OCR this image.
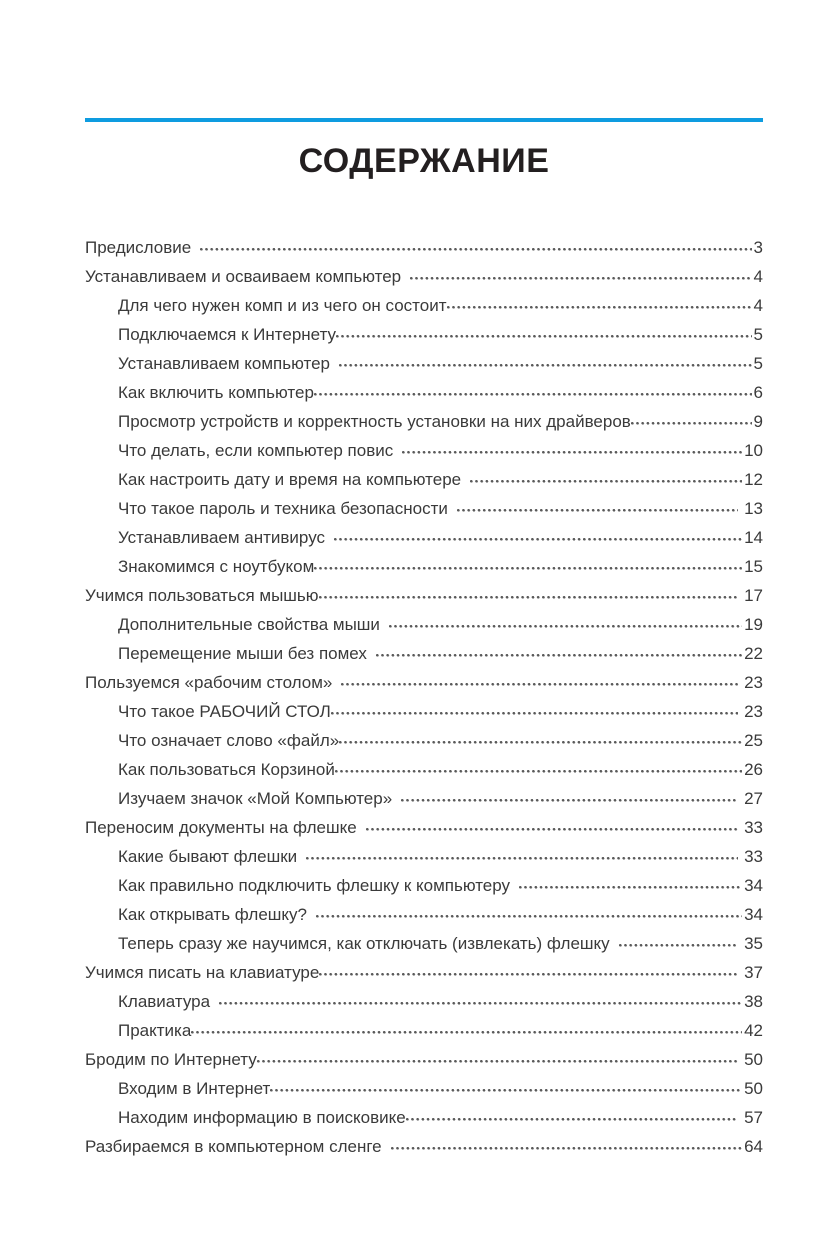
СОДЕРЖАНИЕ
Предисловие	3
Устанавливаем и осваиваем компьютер	4
Для чего нужен комп и из чего он состоит	4
Подключаемся к Интернету	5
Устанавливаем компьютер	5
Как включить компьютер	6
Просмотр устройств и корректность установки на них драйверов	9
Что делать, если компьютер повис	10
Как настроить дату и время на компьютере	12
Что такое пароль и техника безопасности	13
Устанавливаем антивирус	14
Знакомимся с ноутбуком	15
Учимся пользоваться мышью	17
Дополнительные свойства мыши	19
Перемещение мыши без помех	22
Пользуемся «рабочим столом»	23
Что такое РАБОЧИЙ СТОЛ	23
Что означает слово «файл»	25
Как пользоваться Корзиной	26
Изучаем значок «Мой Компьютер»	27
Переносим документы на флешке	33
Какие бывают флешки	33
Как правильно подключить флешку к компьютеру	34
Как открывать флешку?	34
Теперь сразу же научимся, как отключать (извлекать) флешку	35
Учимся писать на клавиатуре	37
Клавиатура	38
Практика	42
Бродим по Интернету	50
Входим в Интернет	50
Находим информацию в поисковике	57
Разбираемся в компьютерном сленге	64
